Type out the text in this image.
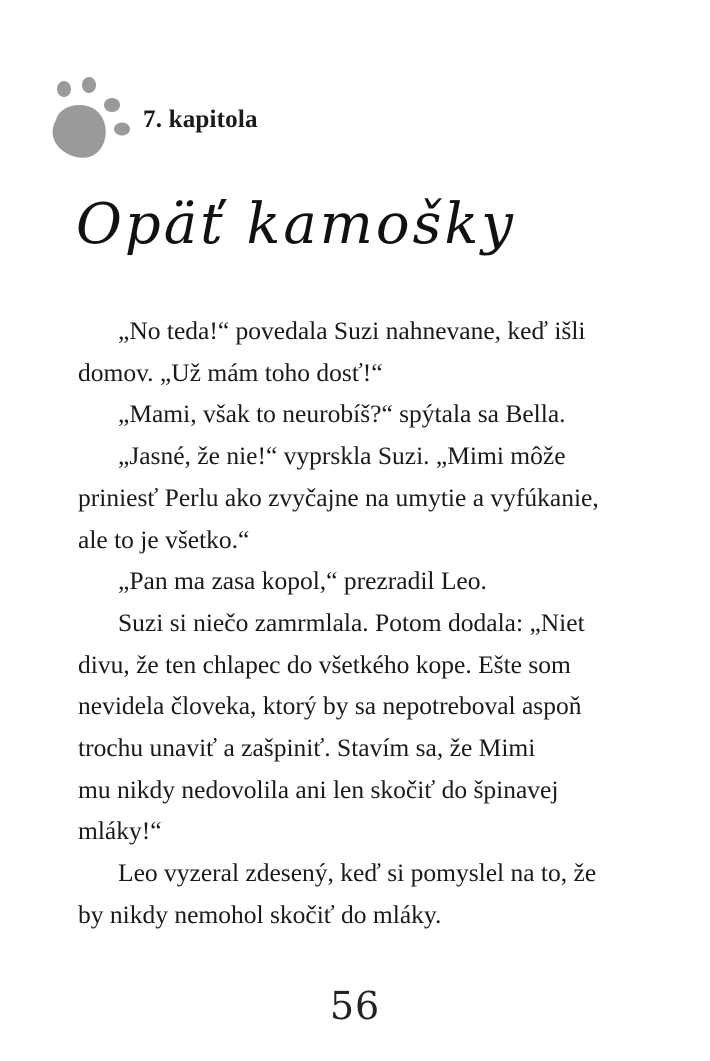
7. kapitola
Opäť kamošky
„No teda!“ povedala Suzi nahnevane, keď išli
domov. „Už mám toho dosť!“
„Mami, však to neurobíš?“ spýtala sa Bella.
„Jasné, že nie!“ vyprskla Suzi. „Mimi môže
priniesť Perlu ako zvyčajne na umytie a vyfúkanie,
ale to je všetko.“
„Pan ma zasa kopol,“ prezradil Leo.
Suzi si niečo zamrmlala. Potom dodala: „Niet
divu, že ten chlapec do všetkého kope. Ešte som
nevidela človeka, ktorý by sa nepotreboval aspoň
trochu unaviť a zašpiniť. Stavím sa, že Mimi
mu nikdy nedovolila ani len skočiť do špinavej
mláky!“
Leo vyzeral zdesený, keď si pomyslel na to, že
by nikdy nemohol skočiť do mláky.
56
